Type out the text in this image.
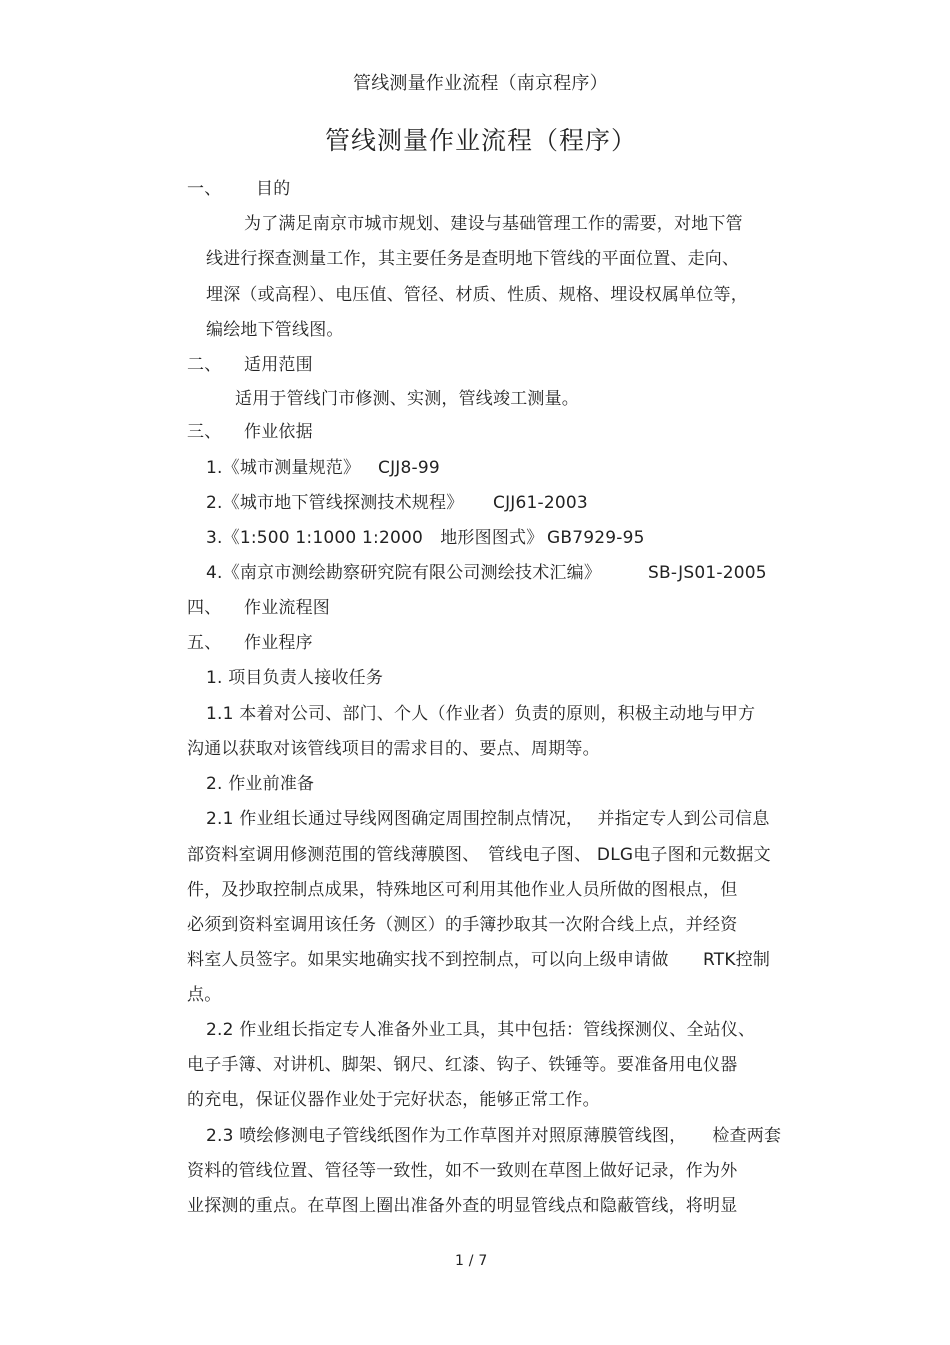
管线测量作业流程（南京程序）
管线测量作业流程（程序）
一、 目的
为了满足南京市城市规划、建设与基础管理工作的需要，对地下管
线进行探查测量工作，其主要任务是查明地下管线的平面位置、走向、
埋深（或高程）、电压值、管径、材质、性质、规格、埋设权属单位等，
编绘地下管线图。
二、 适用范围
适用于管线门市修测、实测，管线竣工测量。
三、 作业依据
1.《城市测量规范》 CJJ8-99
2.《城市地下管线探测技术规程》 CJJ61-2003
3.《1:500 1:1000 1:2000　地形图图式》 GB7929-95
4.《南京市测绘勘察研究院有限公司测绘技术汇编》	SB-JS01-2005
四、 作业流程图
五、 作业程序
1. 项目负责人接收任务
1.1 本着对公司、部门、个人（作业者）负责的原则，积极主动地与甲方
沟通以获取对该管线项目的需求目的、要点、周期等。
2. 作业前准备
2.1 作业组长通过导线网图确定周围控制点情况，　 并指定专人到公司信息
部资料室调用修测范围的管线薄膜图、　管线电子图、 DLG电子图和元数据文
件，及抄取控制点成果，特殊地区可利用其他作业人员所做的图根点，但
必须到资料室调用该任务（测区）的手簿抄取其一次附合线上点，并经资
料室人员签字。如果实地确实找不到控制点，可以向上级申请做　　RTK控制
点。
2.2 作业组长指定专人准备外业工具，其中包括：管线探测仪、全站仪、
电子手簿、对讲机、脚架、钢尺、红漆、钩子、铁锤等。要准备用电仪器
的充电，保证仪器作业处于完好状态，能够正常工作。
2.3 喷绘修测电子管线纸图作为工作草图并对照原薄膜管线图，　　检查两套
资料的管线位置、管径等一致性，如不一致则在草图上做好记录，作为外
业探测的重点。在草图上圈出准备外查的明显管线点和隐蔽管线，将明显
1 / 7
